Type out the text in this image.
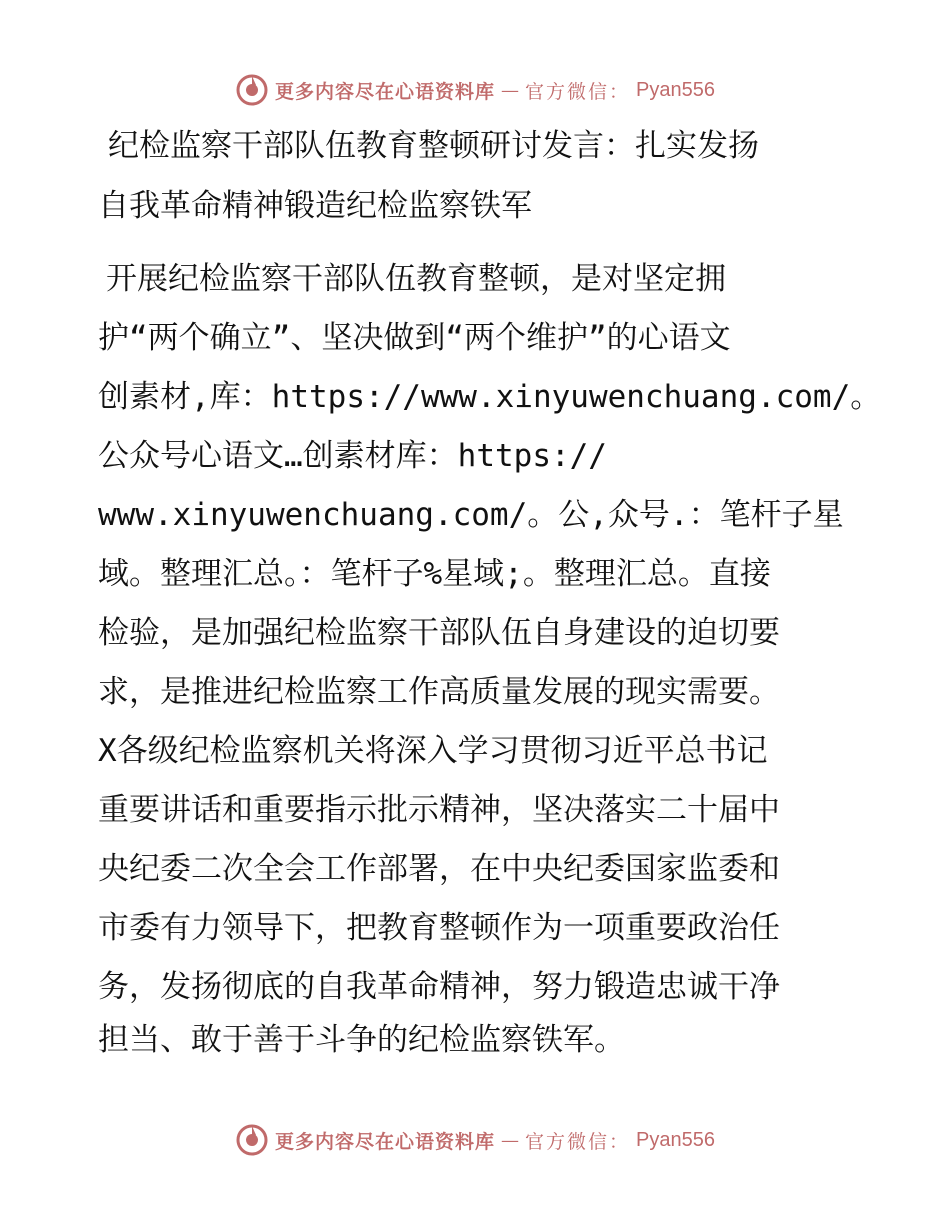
更多内容尽在心语资料库 — 官方微信： Pyan556
纪检监察干部队伍教育整顿研讨发言：扎实发扬
自我革命精神锻造纪检监察铁军
开展纪检监察干部队伍教育整顿，是对坚定拥
护“两个确立”、坚决做到“两个维护”的心语文
创素材,库：https://www.xinyuwenchuang.com/。
公众号心语文…创素材库：https://
www.xinyuwenchuang.com/。公,众号.：笔杆子星
域。整理汇总。：笔杆子%星域;。整理汇总。直接
检验，是加强纪检监察干部队伍自身建设的迫切要
求，是推进纪检监察工作高质量发展的现实需要。
X各级纪检监察机关将深入学习贯彻习近平总书记
重要讲话和重要指示批示精神，坚决落实二十届中
央纪委二次全会工作部署，在中央纪委国家监委和
市委有力领导下，把教育整顿作为一项重要政治任
务，发扬彻底的自我革命精神，努力锻造忠诚干净
担当、敢于善于斗争的纪检监察铁军。
更多内容尽在心语资料库 — 官方微信： Pyan556
